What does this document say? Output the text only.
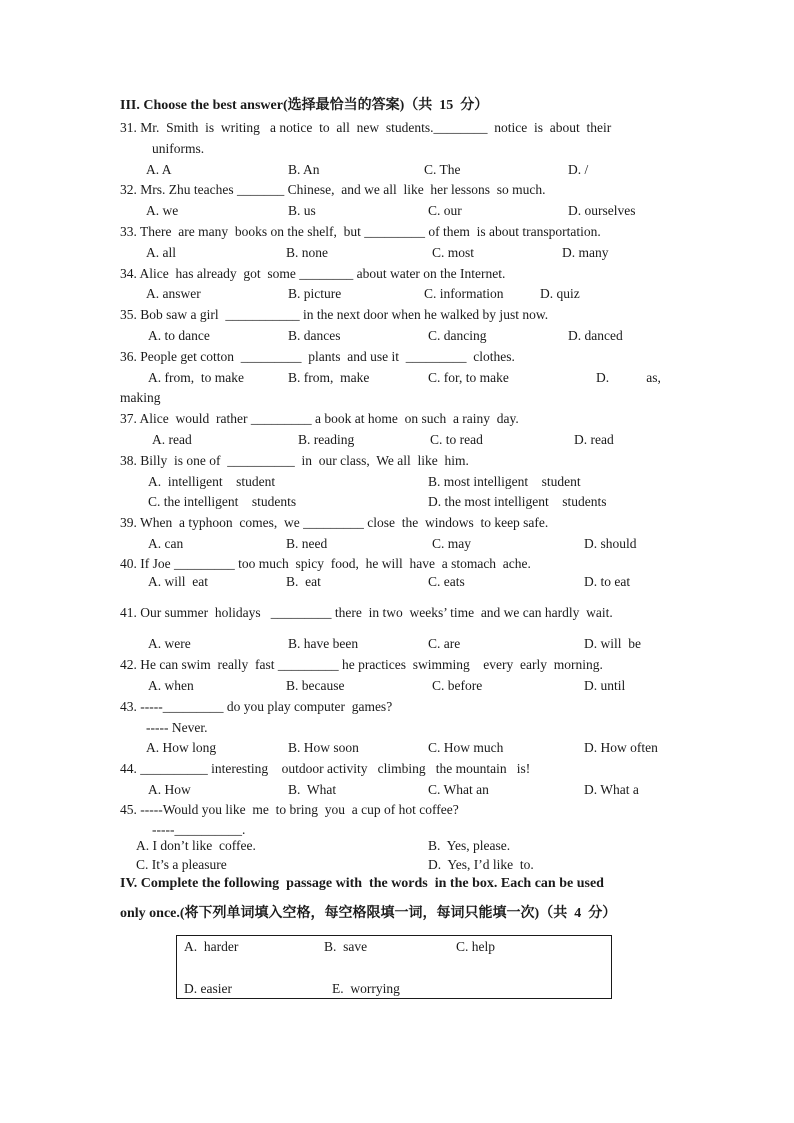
III. Choose the best answer(选择最恰当的答案)（共  15  分）
31. Mr.  Smith  is  writing   a notice  to  all  new  students.________  notice  is  about  their
uniforms.
A. A	B. An	C. The	D. /
32. Mrs. Zhu teaches _______ Chinese,  and we all  like  her lessons  so much.
A. we	B. us	C. our	D. ourselves
33. There  are many  books on the shelf,  but _________ of them  is about transportation.
A. all	B. none	C. most	D. many
34. Alice  has already  got  some ________ about water on the Internet.
A. answer	B. picture	C. information	D. quiz
35. Bob saw a girl  ___________ in the next door when he walked by just now.
A. to dance	B. dances	C. dancing	D. danced
36. People get cotton  _________  plants  and use it  _________  clothes.
A. from,  to make	B. from,  make	C. for, to make	D.           as,
making
37. Alice  would  rather _________ a book at home  on such  a rainy  day.
A. read	B. reading	C. to read	D. read
38. Billy  is one of  __________  in  our class,  We all  like  him.
A.  intelligent    student	B. most intelligent    student
C. the intelligent    students	D. the most intelligent    students
39. When  a typhoon  comes,  we _________ close  the  windows  to keep safe.
A. can	B. need	C. may	D. should
40. If Joe _________ too much  spicy  food,  he will  have  a stomach  ache.
A. will  eat	B.  eat	C. eats	D. to eat
41. Our summer  holidays   _________ there  in two  weeks’ time  and we can hardly  wait.
A. were	B. have been	C. are	D. will  be
42. He can swim  really  fast _________ he practices  swimming    every  early  morning.
A. when	B. because	C. before	D. until
43. -----_________ do you play computer  games?
----- Never.
A. How long	B. How soon	C. How much	D. How often
44. __________ interesting    outdoor activity   climbing   the mountain   is!
A. How	B.  What	C. What an	D. What a
45. -----Would you like  me  to bring  you  a cup of hot coffee?
-----__________.
A. I don’t like  coffee.	B.  Yes, please.
C. It’s a pleasure	D.  Yes, I’d like  to.
IV. Complete the following  passage with  the words  in the box. Each can be used
only once.(将下列单词填入空格，每空格限填一词，每词只能填一次)（共  4  分）
A.  harder	B.  save	C. help
D. easier	E.  worrying
